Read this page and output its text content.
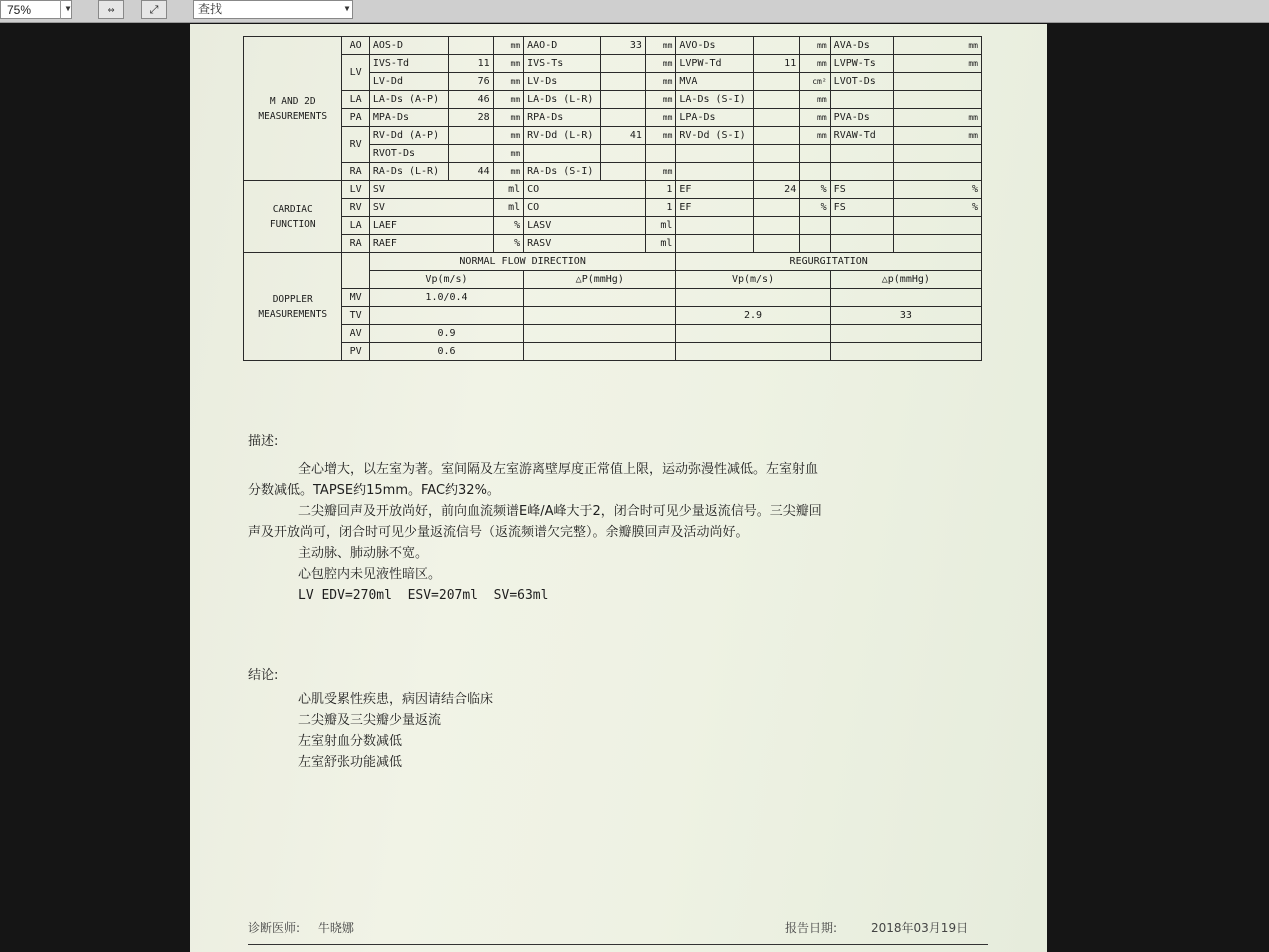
75%	▼	⇔	⤢	查找	▼
M AND 2D MEASUREMENTS	AO	AOS-D		mm	AAO-D	33	mm	AVO-Ds		mm	AVA-Ds	mm
	LV	IVS-Td	11	mm	IVS-Ts		mm	LVPW-Td	11	mm	LVPW-Ts	mm
		LV-Dd	76	mm	LV-Ds		mm	MVA		cm²	LVOT-Ds	
	LA	LA-Ds (A-P)	46	mm	LA-Ds (L-R)		mm	LA-Ds (S-I)		mm		
	PA	MPA-Ds	28	mm	RPA-Ds		mm	LPA-Ds		mm	PVA-Ds	mm
	RV	RV-Dd (A-P)		mm	RV-Dd (L-R)	41	mm	RV-Dd (S-I)		mm	RVAW-Td	mm
		RVOT-Ds		mm								
	RA	RA-Ds (L-R)	44	mm	RA-Ds (S-I)		mm					
CARDIAC FUNCTION	LV	SV		ml	CO		1	EF	24	%	FS	%
	RV	SV		ml	CO		1	EF		%	FS	%
	LA	LAEF		%	LASV		ml					
	RA	RAEF		%	RASV		ml					
DOPPLER MEASUREMENTS		NORMAL FLOW DIRECTION						REGURGITATION				
		Vp(m/s)			△P(mmHg)			Vp(m/s)			△p(mmHg)	
	MV	1.0/0.4										
	TV							2.9			33	
	AV	0.9										
	PV	0.6										
描述:
全心增大，以左室为著。室间隔及左室游离壁厚度正常值上限，运动弥漫性减低。左室射血
分数减低。TAPSE约15mm。FAC约32%。
二尖瓣回声及开放尚好，前向血流频谱E峰/A峰大于2，闭合时可见少量返流信号。三尖瓣回
声及开放尚可，闭合时可见少量返流信号（返流频谱欠完整）。余瓣膜回声及活动尚好。
主动脉、肺动脉不宽。
心包腔内未见液性暗区。
LV EDV=270ml  ESV=207ml  SV=63ml
结论:
心肌受累性疾患，病因请结合临床
二尖瓣及三尖瓣少量返流
左室射血分数减低
左室舒张功能减低
诊断医师: 牛晓娜	报告日期:	2018年03月19日
